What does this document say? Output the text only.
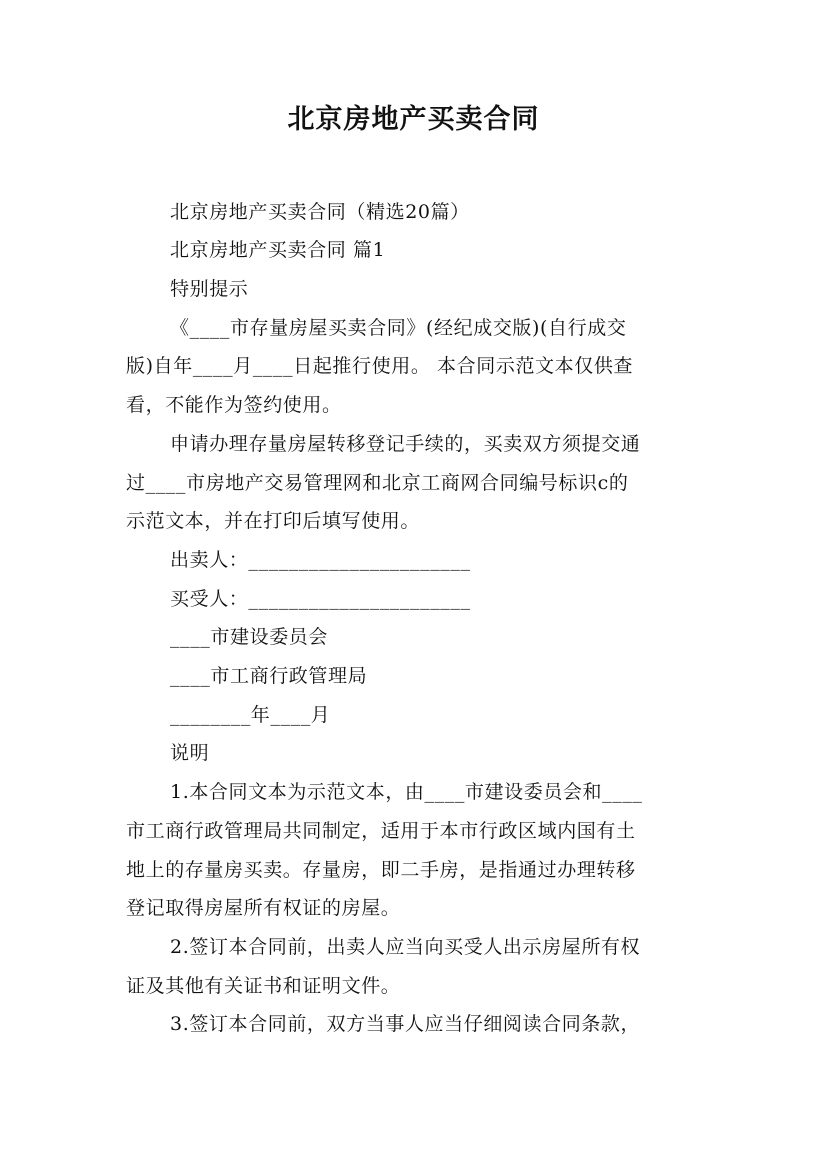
北京房地产买卖合同
北京房地产买卖合同（精选20篇）
北京房地产买卖合同 篇1
特别提示
《____市存量房屋买卖合同》(经纪成交版)(自行成交
版)自年____月____日起推行使用。 本合同示范文本仅供查
看，不能作为签约使用。
申请办理存量房屋转移登记手续的，买卖双方须提交通
过____市房地产交易管理网和北京工商网合同编号标识c的
示范文本，并在打印后填写使用。
出卖人：______________________
买受人：______________________
____市建设委员会
____市工商行政管理局
________年____月
说明
1.本合同文本为示范文本，由____市建设委员会和____
市工商行政管理局共同制定，适用于本市行政区域内国有土
地上的存量房买卖。存量房，即二手房，是指通过办理转移
登记取得房屋所有权证的房屋。
2.签订本合同前，出卖人应当向买受人出示房屋所有权
证及其他有关证书和证明文件。
3.签订本合同前，双方当事人应当仔细阅读合同条款，
